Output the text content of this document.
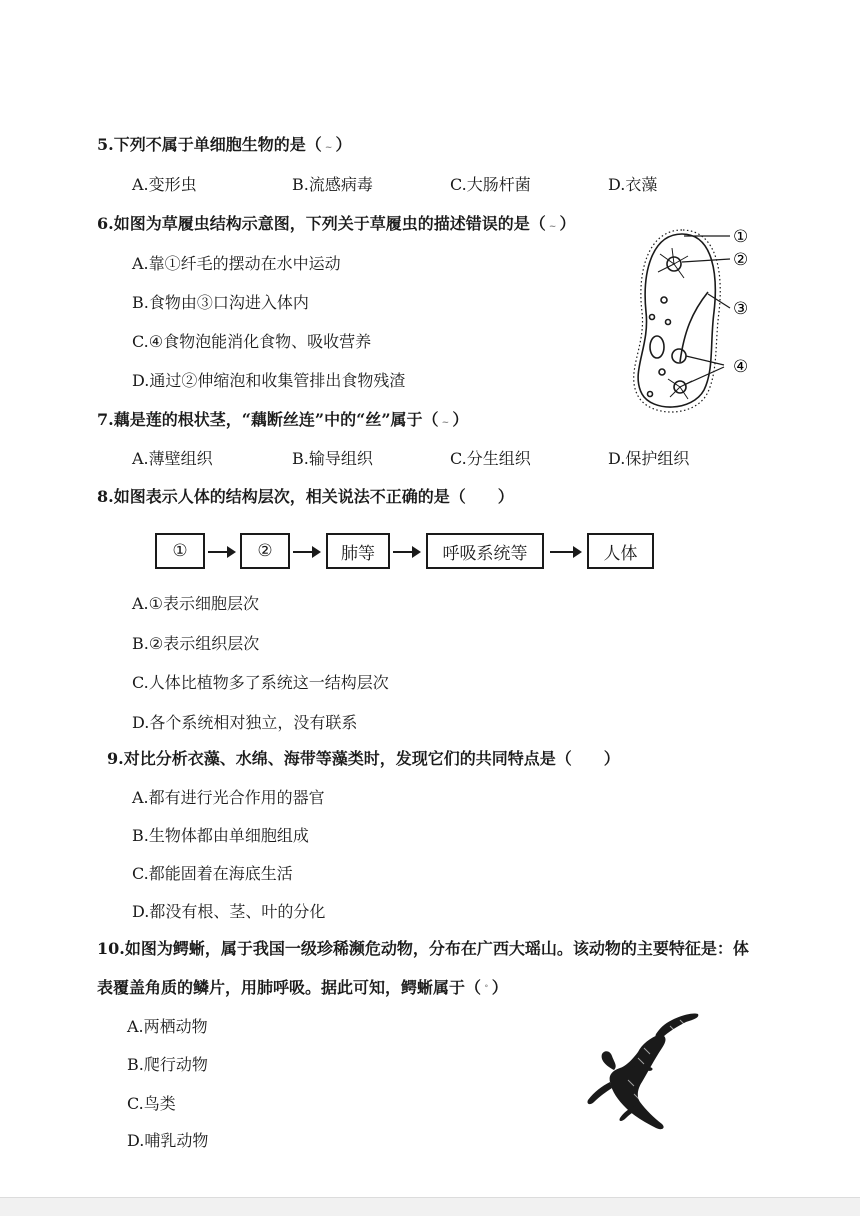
5.下列不属于单细胞生物的是（ ~ ）
A.变形虫	B.流感病毒	C.大肠杆菌	D.衣藻
6.如图为草履虫结构示意图，下列关于草履虫的描述错误的是（ ~ ）
A.靠①纤毛的摆动在水中运动
B.食物由③口沟进入体内
C.④食物泡能消化食物、吸收营养
D.通过②伸缩泡和收集管排出食物残渣
①
②
③
④
7.藕是莲的根状茎，“藕断丝连”中的“丝”属于（ ~ ）
A.薄壁组织	B.输导组织	C.分生组织	D.保护组织
8.如图表示人体的结构层次，相关说法不正确的是（　　）
①	②	肺等	呼吸系统等	人体
A.①表示细胞层次
B.②表示组织层次
C.人体比植物多了系统这一结构层次
D.各个系统相对独立，没有联系
9.对比分析衣藻、水绵、海带等藻类时，发现它们的共同特点是（　　）
A.都有进行光合作用的器官
B.生物体都由单细胞组成
C.都能固着在海底生活
D.都没有根、茎、叶的分化
10.如图为鳄蜥，属于我国一级珍稀濒危动物，分布在广西大瑶山。该动物的主要特征是：体
表覆盖角质的鳞片，用肺呼吸。据此可知，鳄蜥属于（ ˚ ）
A.两栖动物
B.爬行动物
C.鸟类
D.哺乳动物
